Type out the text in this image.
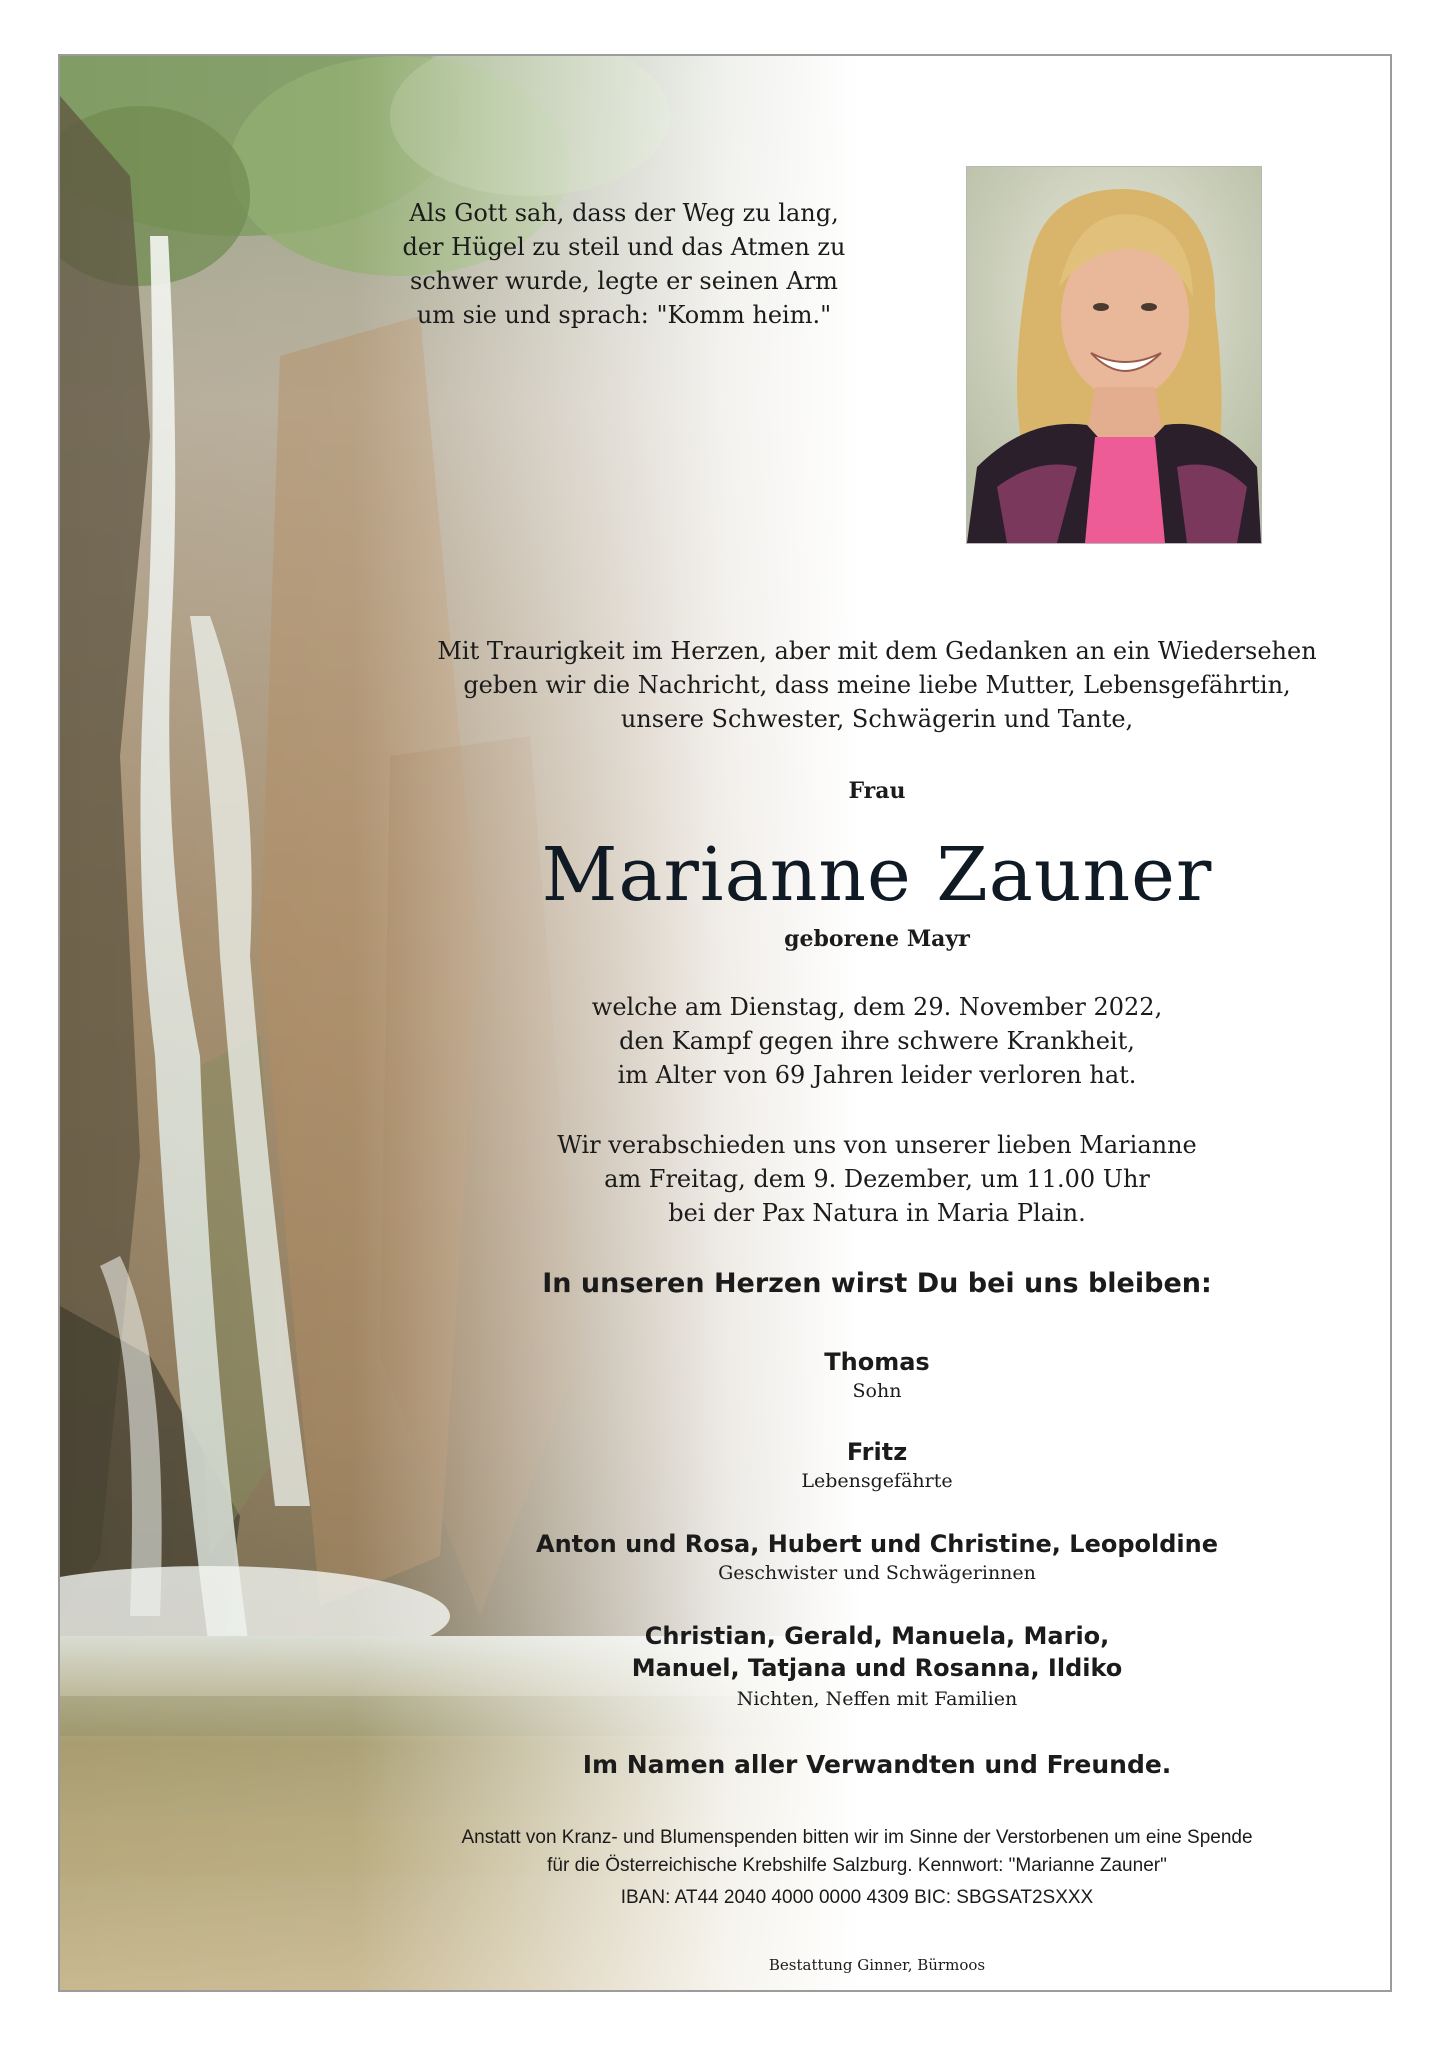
Als Gott sah, dass der Weg zu lang,
der Hügel zu steil und das Atmen zu
schwer wurde, legte er seinen Arm
um sie und sprach: "Komm heim."

Mit Traurigkeit im Herzen, aber mit dem Gedanken an ein Wiedersehen
geben wir die Nachricht, dass meine liebe Mutter, Lebensgefährtin,
unsere Schwester, Schwägerin und Tante,

Frau

Marianne Zauner

geborene Mayr

welche am Dienstag, dem 29. November 2022,
den Kampf gegen ihre schwere Krankheit,
im Alter von 69 Jahren leider verloren hat.

Wir verabschieden uns von unserer lieben Marianne
am Freitag, dem 9. Dezember, um 11.00 Uhr
bei der Pax Natura in Maria Plain.

In unseren Herzen wirst Du bei uns bleiben:

Thomas

Sohn

Fritz

Lebensgefährte

Anton und Rosa, Hubert und Christine, Leopoldine

Geschwister und Schwägerinnen

Christian, Gerald, Manuela, Mario,
Manuel, Tatjana und Rosanna, Ildiko

Nichten, Neffen mit Familien

Im Namen aller Verwandten und Freunde.

Anstatt von Kranz- und Blumenspenden bitten wir im Sinne der Verstorbenen um eine Spende
für die Österreichische Krebshilfe Salzburg. Kennwort: "Marianne Zauner"

IBAN: AT44 2040 4000 0000 4309 BIC: SBGSAT2SXXX

Bestattung Ginner, Bürmoos
